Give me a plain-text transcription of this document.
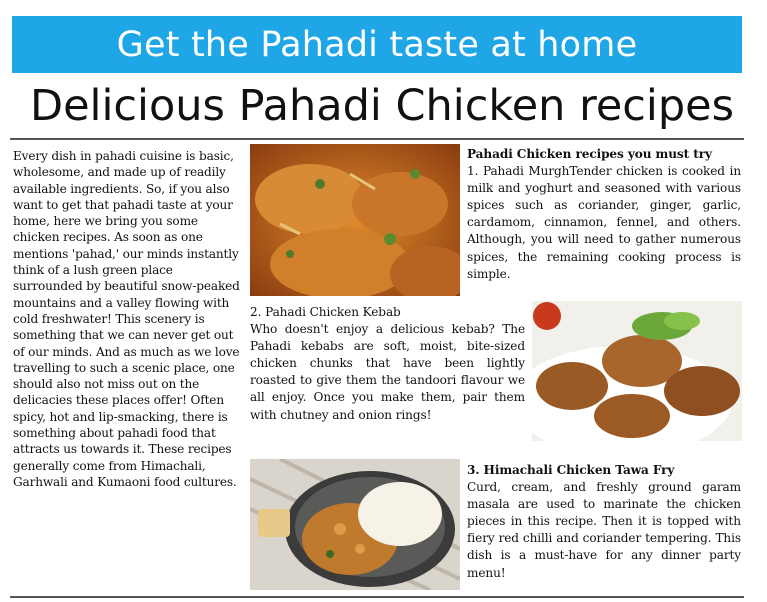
Get the Pahadi taste at home
Delicious Pahadi Chicken recipes
Every dish in pahadi cuisine is basic, wholesome, and made up of readily available ingredients. So, if you also want to get that pahadi taste at your home, here we bring you some chicken recipes. As soon as one mentions 'pahad,' our minds instantly think of a lush green place surrounded by beautiful snow-peaked mountains and a valley flowing with cold freshwater! This scenery is something that we can never get out of our minds. And as much as we love travelling to such a scenic place, one should also not miss out on the delicacies these places offer! Often spicy, hot and lip-smacking, there is something about pahadi food that attracts us towards it. These recipes generally come from Himachali, Garhwali and Kumaoni food cultures.
Pahadi Chicken recipes you must try
1. Pahadi MurghTender chicken is cooked in milk and yoghurt and seasoned with various spices such as coriander, ginger, garlic, cardamom, cinnamon, fennel, and others. Although, you will need to gather numerous spices, the remaining cooking process is simple.
2. Pahadi Chicken Kebab
Who doesn't enjoy a delicious kebab? The Pahadi kebabs are soft, moist, bite-sized chicken chunks that have been lightly roasted to give them the tandoori flavour we all enjoy. Once you make them, pair them with chutney and onion rings!
3. Himachali Chicken Tawa Fry
Curd, cream, and freshly ground garam masala are used to marinate the chicken pieces in this recipe. Then it is topped with fiery red chilli and coriander tempering. This dish is a must-have for any dinner party menu!
